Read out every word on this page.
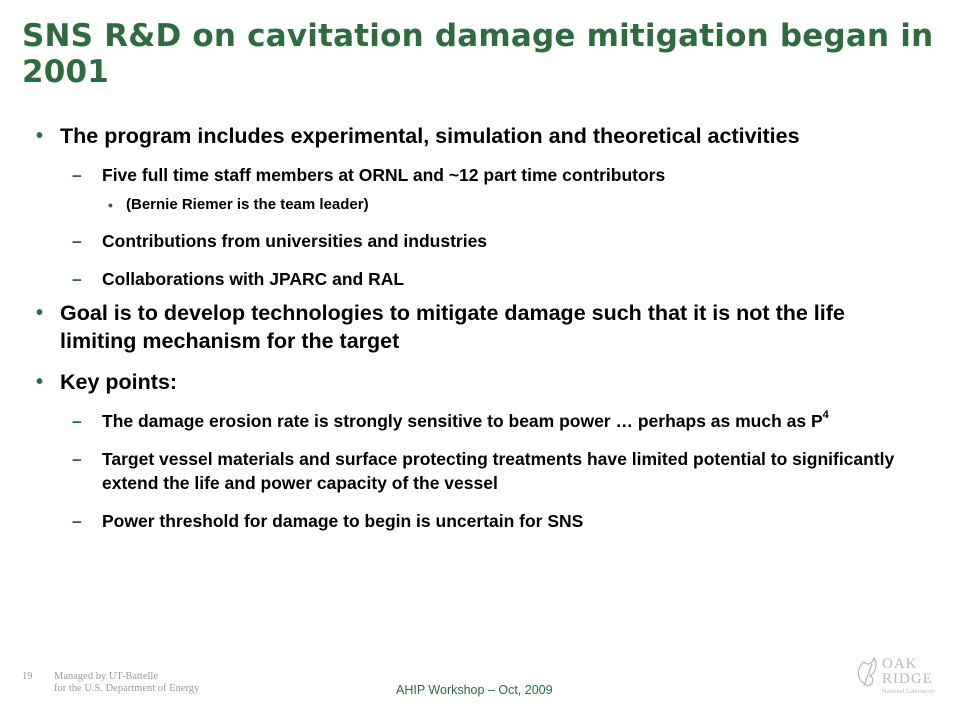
SNS R&D on cavitation damage mitigation began in 2001
• The program includes experimental, simulation and theoretical activities
– Five full time staff members at ORNL and ~12 part time contributors
• (Bernie Riemer is the team leader)
– Contributions from universities and industries
– Collaborations with JPARC and RAL
• Goal is to develop technologies to mitigate damage such that it is not the life limiting mechanism for the target
• Key points:
– The damage erosion rate is strongly sensitive to beam power … perhaps as much as $P^4$
– Target vessel materials and surface protecting treatments have limited potential to significantly extend the life and power capacity of the vessel
– Power threshold for damage to begin is uncertain for SNS
19 Managed by UT-Battelle
for the U.S. Department of Energy	AHIP Workshop – Oct, 2009
OAK
RIDGE
National Laboratory
